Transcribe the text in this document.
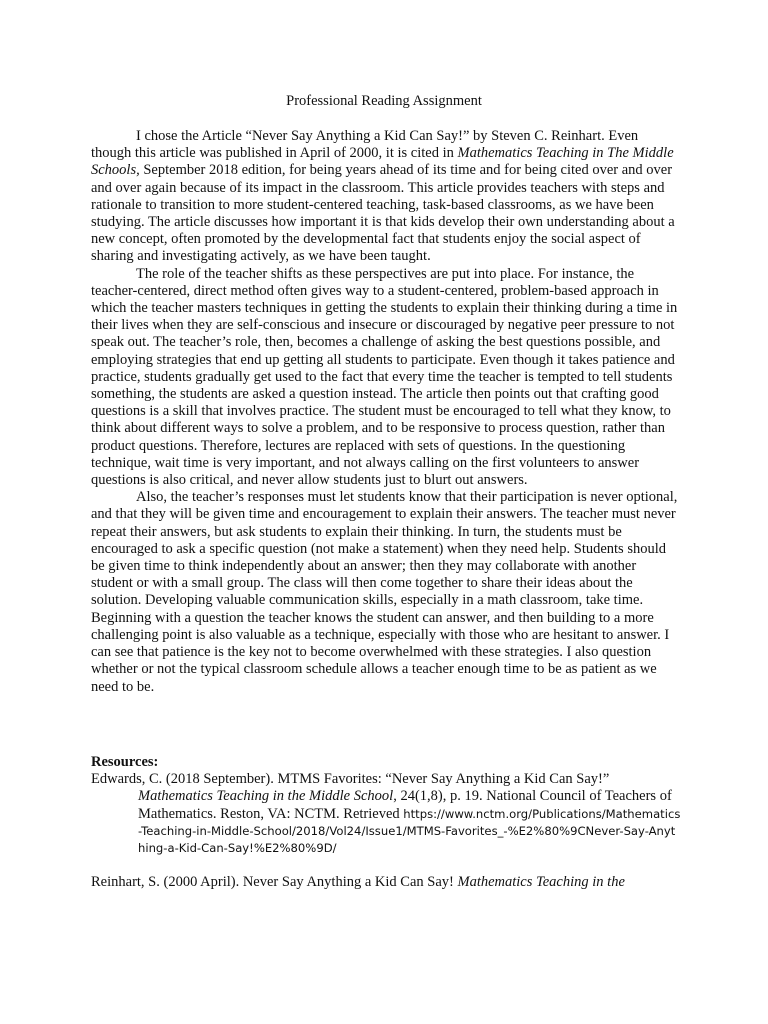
Professional Reading Assignment

I chose the Article “Never Say Anything a Kid Can Say!” by Steven C. Reinhart. Even though this article was published in April of 2000, it is cited in Mathematics Teaching in The Middle Schools, September 2018 edition, for being years ahead of its time and for being cited over and over and over again because of its impact in the classroom. This article provides teachers with steps and rationale to transition to more student-centered teaching, task-based classrooms, as we have been studying. The article discusses how important it is that kids develop their own understanding about a new concept, often promoted by the developmental fact that students enjoy the social aspect of sharing and investigating actively, as we have been taught.

The role of the teacher shifts as these perspectives are put into place. For instance, the teacher-centered, direct method often gives way to a student-centered, problem-based approach in which the teacher masters techniques in getting the students to explain their thinking during a time in their lives when they are self-conscious and insecure or discouraged by negative peer pressure to not speak out. The teacher’s role, then, becomes a challenge of asking the best questions possible, and employing strategies that end up getting all students to participate. Even though it takes patience and practice, students gradually get used to the fact that every time the teacher is tempted to tell students something, the students are asked a question instead. The article then points out that crafting good questions is a skill that involves practice. The student must be encouraged to tell what they know, to think about different ways to solve a problem, and to be responsive to process question, rather than product questions. Therefore, lectures are replaced with sets of questions. In the questioning technique, wait time is very important, and not always calling on the first volunteers to answer questions is also critical, and never allow students just to blurt out answers.

Also, the teacher’s responses must let students know that their participation is never optional, and that they will be given time and encouragement to explain their answers. The teacher must never repeat their answers, but ask students to explain their thinking. In turn, the students must be encouraged to ask a specific question (not make a statement) when they need help. Students should be given time to think independently about an answer; then they may collaborate with another student or with a small group. The class will then come together to share their ideas about the solution. Developing valuable communication skills, especially in a math classroom, take time. Beginning with a question the teacher knows the student can answer, and then building to a more challenging point is also valuable as a technique, especially with those who are hesitant to answer. I can see that patience is the key not to become overwhelmed with these strategies. I also question whether or not the typical classroom schedule allows a teacher enough time to be as patient as we need to be.

Resources:

Edwards, C. (2018 September). MTMS Favorites: “Never Say Anything a Kid Can Say!” Mathematics Teaching in the Middle School, 24(1,8), p. 19. National Council of Teachers of Mathematics. Reston, VA: NCTM. Retrieved https://www.nctm.org/Publications/Mathematics-Teaching-in-Middle-School/2018/Vol24/Issue1/MTMS-Favorites_-%E2%80%9CNever-Say-Anything-a-Kid-Can-Say!%E2%80%9D/

Reinhart, S. (2000 April). Never Say Anything a Kid Can Say! Mathematics Teaching in the
